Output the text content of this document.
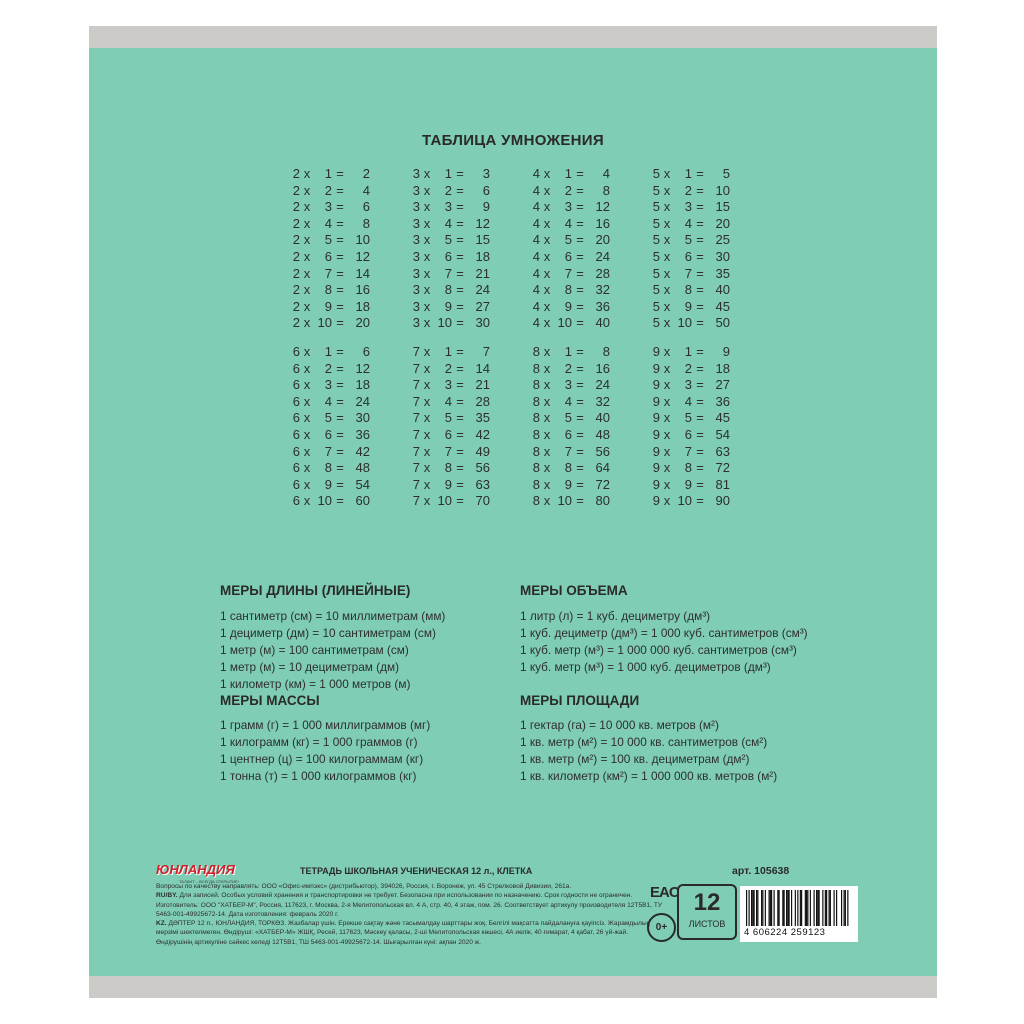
ТАБЛИЦА УМНОЖЕНИЯ
2 x 1 = 2
2 x 2 = 4
2 x 3 = 6
2 x 4 = 8
2 x 5 = 10
2 x 6 = 12
2 x 7 = 14
2 x 8 = 16
2 x 9 = 18
2 x 10 = 20
3 x 1 = 3
3 x 2 = 6
3 x 3 = 9
3 x 4 = 12
3 x 5 = 15
3 x 6 = 18
3 x 7 = 21
3 x 8 = 24
3 x 9 = 27
3 x 10 = 30
4 x 1 = 4
4 x 2 = 8
4 x 3 = 12
4 x 4 = 16
4 x 5 = 20
4 x 6 = 24
4 x 7 = 28
4 x 8 = 32
4 x 9 = 36
4 x 10 = 40
5 x 1 = 5
5 x 2 = 10
5 x 3 = 15
5 x 4 = 20
5 x 5 = 25
5 x 6 = 30
5 x 7 = 35
5 x 8 = 40
5 x 9 = 45
5 x 10 = 50
6 x 1 = 6
6 x 2 = 12
6 x 3 = 18
6 x 4 = 24
6 x 5 = 30
6 x 6 = 36
6 x 7 = 42
6 x 8 = 48
6 x 9 = 54
6 x 10 = 60
7 x 1 = 7
7 x 2 = 14
7 x 3 = 21
7 x 4 = 28
7 x 5 = 35
7 x 6 = 42
7 x 7 = 49
7 x 8 = 56
7 x 9 = 63
7 x 10 = 70
8 x 1 = 8
8 x 2 = 16
8 x 3 = 24
8 x 4 = 32
8 x 5 = 40
8 x 6 = 48
8 x 7 = 56
8 x 8 = 64
8 x 9 = 72
8 x 10 = 80
9 x 1 = 9
9 x 2 = 18
9 x 3 = 27
9 x 4 = 36
9 x 5 = 45
9 x 6 = 54
9 x 7 = 63
9 x 8 = 72
9 x 9 = 81
9 x 10 = 90
МЕРЫ ДЛИНЫ (ЛИНЕЙНЫЕ)
1 сантиметр (см) = 10 миллиметрам (мм)
1 дециметр (дм) = 10 сантиметрам (см)
1 метр (м) = 100 сантиметрам (см)
1 метр (м) = 10 дециметрам (дм)
1 километр (км) = 1 000 метров (м)
МЕРЫ ОБЪЕМА
1 литр (л) = 1 куб. дециметру (дм³)
1 куб. дециметр (дм³) = 1 000 куб. сантиметров (см³)
1 куб. метр (м³) = 1 000 000 куб. сантиметров (см³)
1 куб. метр (м³) = 1 000 куб. дециметров (дм³)
МЕРЫ МАССЫ
1 грамм (г) = 1 000 миллиграммов (мг)
1 килограмм (кг) = 1 000 граммов (г)
1 центнер (ц) = 100 килограммам (кг)
1 тонна (т) = 1 000 килограммов (кг)
МЕРЫ ПЛОЩАДИ
1 гектар (га) = 10 000 кв. метров (м²)
1 кв. метр (м²) = 10 000 кв. сантиметров (см²)
1 кв. метр (м²) = 100 кв. дециметрам (дм²)
1 кв. километр (км²) = 1 000 000 кв. метров (м²)
ЮНЛАНДИЯ
ТАЛАНТ – ВСЕГДА ОТКРЫТИЕ!
ТЕТРАДЬ ШКОЛЬНАЯ УЧЕНИЧЕСКАЯ 12 л., КЛЕТКА	арт. 105638
Вопросы по качеству направлять: ООО «Офис-импэкс» (дистрибьютор), 394026, Россия, г. Воронеж, ул. 45 Стрелковой Дивизии, 261а.
RU/BY. Для записей. Особых условий хранения и транспортировки не требует. Безопасна при использовании по назначению. Срок годности не ограничен. Изготовитель: ООО "ХАТБЕР-М", Россия, 117623, г. Москва, 2-я Мелитопольская вл. 4 А, стр. 40, 4 этаж, пом. 26. Соответствует артикулу производителя 12Т5В1, ТУ 5463-001-49925672-14. Дата изготовления: февраль 2020 г.
KZ. ДӘПТЕР 12 п., ЮНЛАНДИЯ, ТОРКӨЗ. Жазбалар үшін. Ерекше сақтау және тасымалдау шарттары жоқ. Белгілі мақсатта пайдалануға қауіпсіз. Жарамдылық мерзімі шектелмеген. Өндіруші: «ХАТБЕР-М» ЖШҚ, Ресей, 117623, Мәскеу қаласы, 2-ші Мелитопольская көшесі, 4А иелік, 40 ғимарат, 4 қабат, 26 үй-жай. Өндірушінің артикуліне сәйкес келеді 12Т5В1, ТШ 5463-001-49925672-14. Шығарылған күні: ақпан 2020 ж.
EAC
0+
12
ЛИСТОВ
4 606224 259123
